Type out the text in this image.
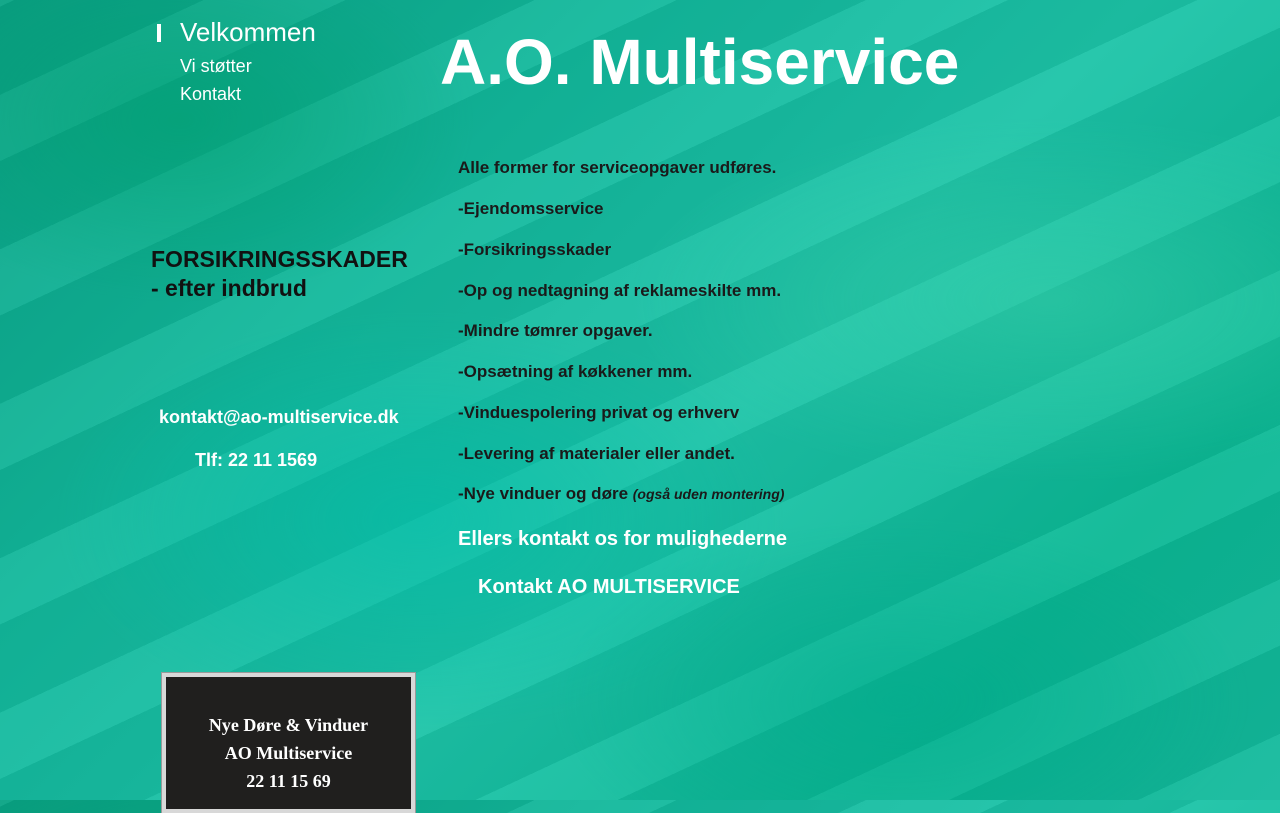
Velkommen
Vi støtter
Kontakt	A.O. Multiservice
FORSIKRINGSSKADER
- efter indbrud
kontakt@ao-multiservice.dk
Tlf: 22 11 1569
Alle former for serviceopgaver udføres.
-Ejendomsservice
-Forsikringsskader
-Op og nedtagning af reklameskilte mm.
-Mindre tømrer opgaver.
-Opsætning af køkkener mm.
-Vinduespolering privat og erhverv
-Levering af materialer eller andet.
-Nye vinduer og døre (også uden montering)
Ellers kontakt os for mulighederne
Kontakt AO MULTISERVICE
Nye Døre & Vinduer
AO Multiservice
22 11 15 69
